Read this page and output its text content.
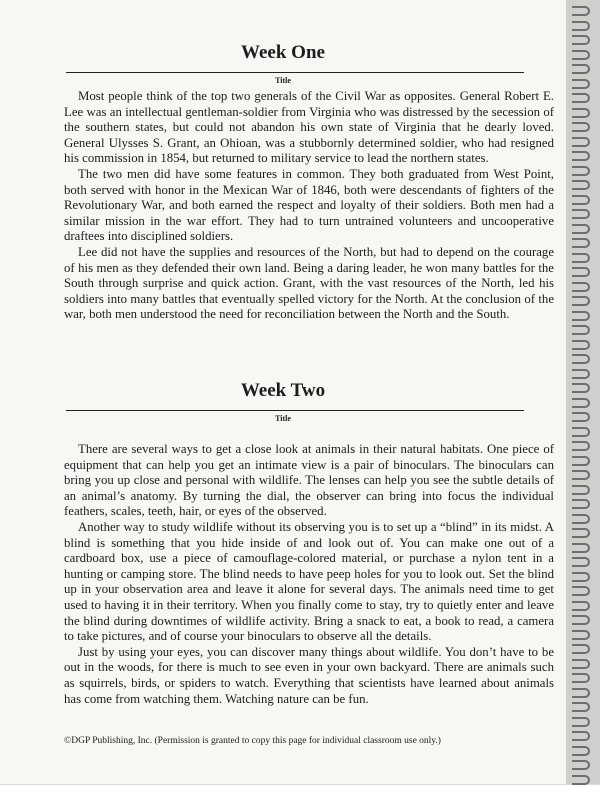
Week One
Title

Most people think of the top two generals of the Civil War as opposites. General Robert E. Lee was an intellectual gentleman-soldier from Virginia who was distressed by the secession of the southern states, but could not abandon his own state of Virginia that he dearly loved. General Ulysses S. Grant, an Ohioan, was a stubbornly determined soldier, who had resigned his commission in 1854, but returned to military service to lead the northern states.

The two men did have some features in common. They both graduated from West Point, both served with honor in the Mexican War of 1846, both were descendants of fighters of the Revolutionary War, and both earned the respect and loyalty of their soldiers. Both men had a similar mission in the war effort. They had to turn untrained volunteers and uncooperative draftees into disciplined soldiers.

Lee did not have the supplies and resources of the North, but had to depend on the courage of his men as they defended their own land. Being a daring leader, he won many battles for the South through surprise and quick action. Grant, with the vast resources of the North, led his soldiers into many battles that eventually spelled victory for the North. At the conclusion of the war, both men understood the need for reconciliation between the North and the South.

Week Two
Title

There are several ways to get a close look at animals in their natural habitats. One piece of equipment that can help you get an intimate view is a pair of binoculars. The binoculars can bring you up close and personal with wildlife. The lenses can help you see the subtle details of an animal’s anatomy. By turning the dial, the observer can bring into focus the individual feathers, scales, teeth, hair, or eyes of the observed.

Another way to study wildlife without its observing you is to set up a “blind” in its midst. A blind is something that you hide inside of and look out of. You can make one out of a cardboard box, use a piece of camouflage-colored material, or purchase a nylon tent in a hunting or camping store. The blind needs to have peep holes for you to look out. Set the blind up in your observation area and leave it alone for several days. The animals need time to get used to having it in their territory. When you finally come to stay, try to quietly enter and leave the blind during downtimes of wildlife activity. Bring a snack to eat, a book to read, a camera to take pictures, and of course your binoculars to observe all the details.

Just by using your eyes, you can discover many things about wildlife. You don’t have to be out in the woods, for there is much to see even in your own backyard. There are animals such as squirrels, birds, or spiders to watch. Everything that scientists have learned about animals has come from watching them. Watching nature can be fun.

©DGP Publishing, Inc. (Permission is granted to copy this page for individual classroom use only.)
